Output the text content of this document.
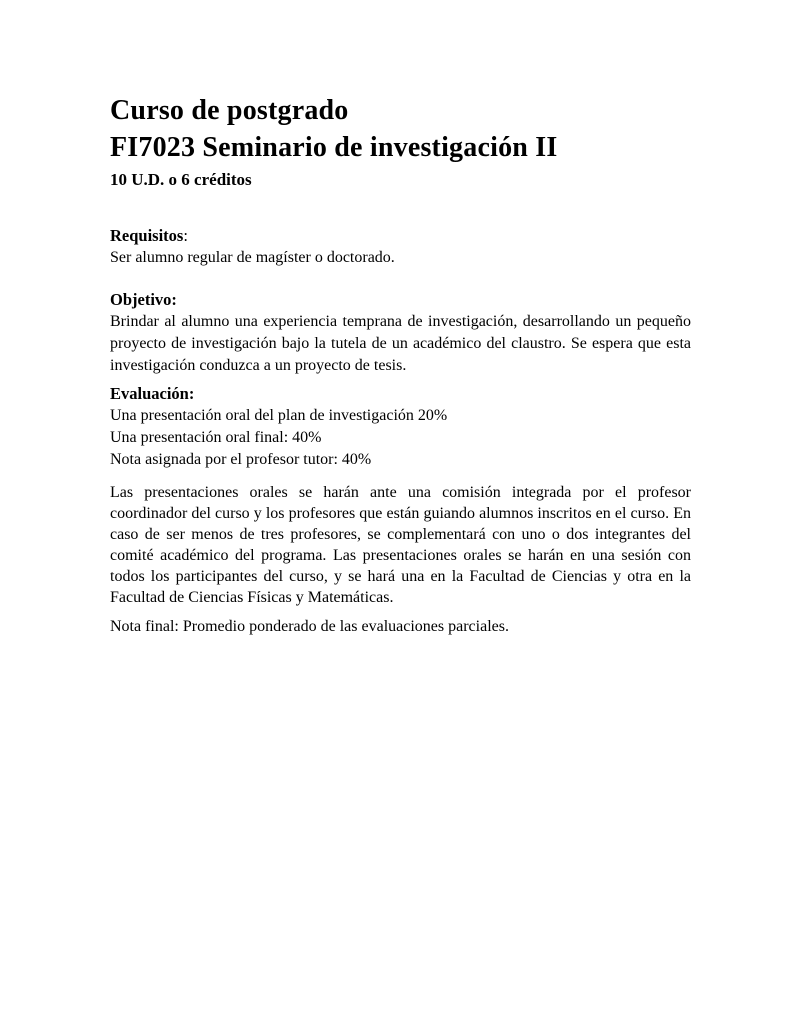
Curso de postgrado
FI7023 Seminario de investigación II
10 U.D. o 6 créditos
Requisitos:
Ser alumno regular de magíster o doctorado.
Objetivo:

Brindar al alumno una experiencia temprana de investigación, desarrollando un pequeño proyecto de investigación bajo la tutela de un académico del claustro. Se espera que esta investigación conduzca a un proyecto de tesis.

Evaluación:
Una presentación oral del plan de investigación 20%
Una presentación oral final: 40%
Nota asignada por el profesor tutor: 40%

Las presentaciones orales se harán ante una comisión integrada por el profesor coordinador del curso y los profesores que están guiando alumnos inscritos en el curso. En caso de ser menos de tres profesores, se complementará con uno o dos integrantes del comité académico del programa. Las presentaciones orales se harán en una sesión con todos los participantes del curso, y se hará una en la Facultad de Ciencias y otra en la Facultad de Ciencias Físicas y Matemáticas.

Nota final: Promedio ponderado de las evaluaciones parciales.
